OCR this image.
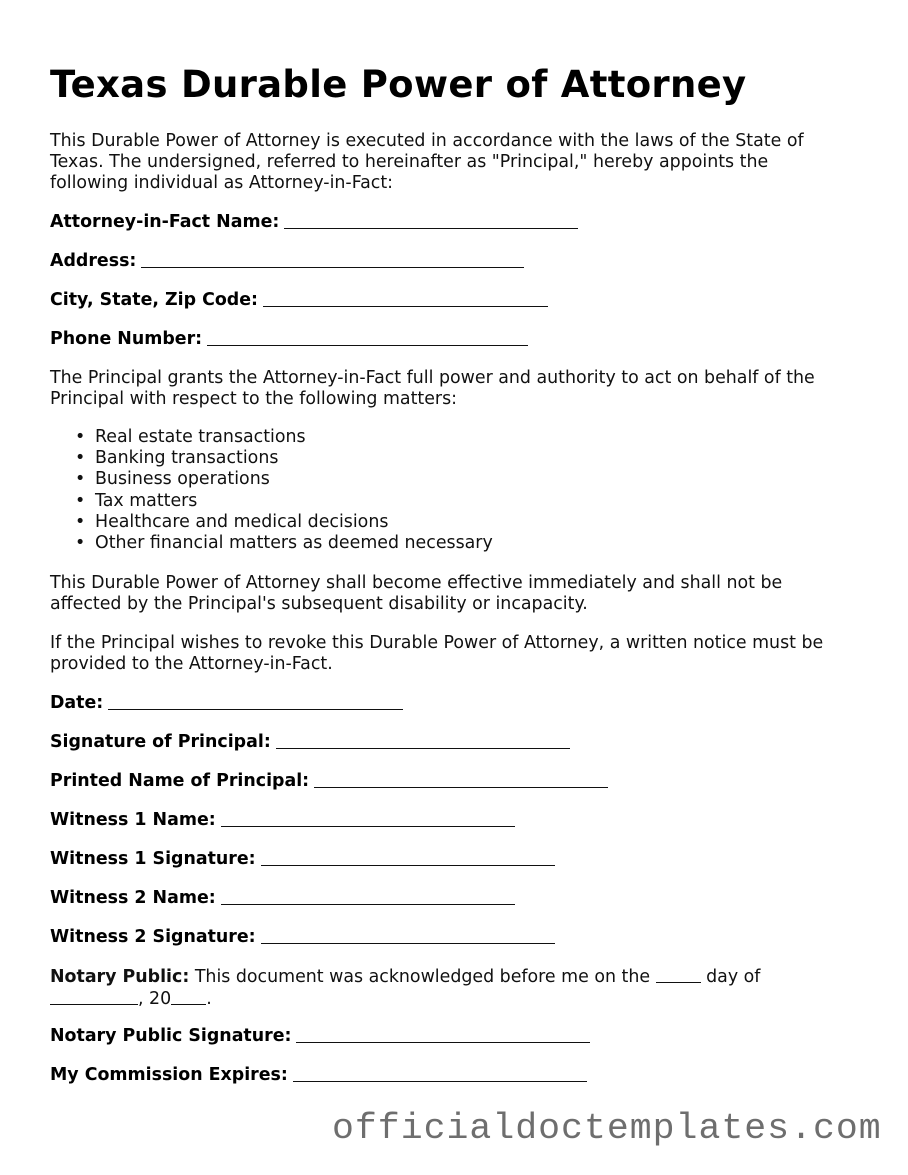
Texas Durable Power of Attorney

This Durable Power of Attorney is executed in accordance with the laws of the State of Texas. The undersigned, referred to hereinafter as "Principal," hereby appoints the following individual as Attorney-in-Fact:

Attorney-in-Fact Name:
Address:
City, State, Zip Code:
Phone Number:

The Principal grants the Attorney-in-Fact full power and authority to act on behalf of the Principal with respect to the following matters:

• Real estate transactions
• Banking transactions
• Business operations
• Tax matters
• Healthcare and medical decisions
• Other financial matters as deemed necessary

This Durable Power of Attorney shall become effective immediately and shall not be affected by the Principal's subsequent disability or incapacity.

If the Principal wishes to revoke this Durable Power of Attorney, a written notice must be provided to the Attorney-in-Fact.

Date:
Signature of Principal:
Printed Name of Principal:
Witness 1 Name:
Witness 1 Signature:
Witness 2 Name:
Witness 2 Signature:

Notary Public: This document was acknowledged before me on the	day of
, 20 .

Notary Public Signature:
My Commission Expires:
officialdoctemplates.com
